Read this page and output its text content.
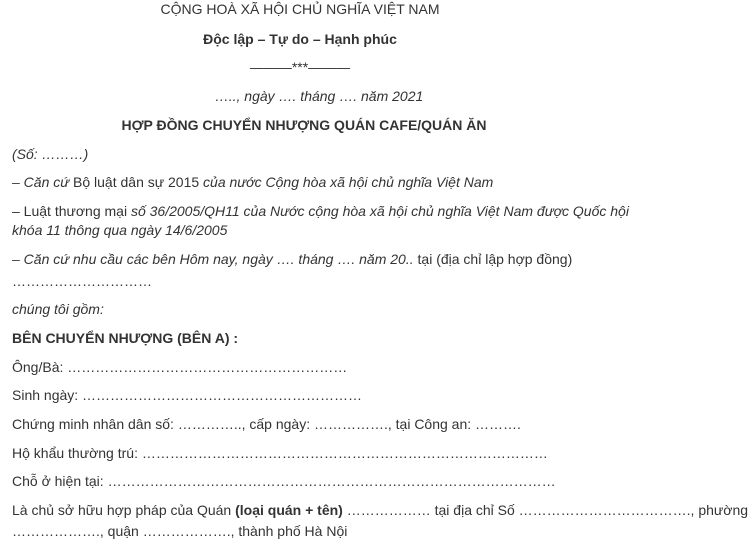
CỘNG HOÀ XÃ HỘI CHỦ NGHĨA VIỆT NAM
Độc lập – Tự do – Hạnh phúc
———***———
….., ngày …. tháng …. năm 2021
HỢP ĐỒNG CHUYỂN NHƯỢNG QUÁN CAFE/QUÁN ĂN
(Số: ………)
– Căn cứ Bộ luật dân sự 2015 của nước Cộng hòa xã hội chủ nghĩa Việt Nam
– Luật thương mại số 36/2005/QH11 của Nước cộng hòa xã hội chủ nghĩa Việt Nam được Quốc hội
khóa 11 thông qua ngày 14/6/2005
– Căn cứ nhu cầu các bên Hôm nay, ngày …. tháng …. năm 20.. tại (địa chỉ lập hợp đồng)
…………………………
chúng tôi gồm:
BÊN CHUYỂN NHƯỢNG (BÊN A) :
Ông/Bà: ……………………………………………………
Sinh ngày: ……………………………………………………
Chứng minh nhân dân số: ………….., cấp ngày: ……………., tại Công an: ……….
Hộ khẩu thường trú: ……………………………………………………………………………
Chỗ ở hiện tại: ……………………………………………………………………………………
Là chủ sở hữu hợp pháp của Quán (loại quán + tên) ……………… tại địa chỉ Số ………………………………., phường
………………., quận ………………., thành phố Hà Nội
